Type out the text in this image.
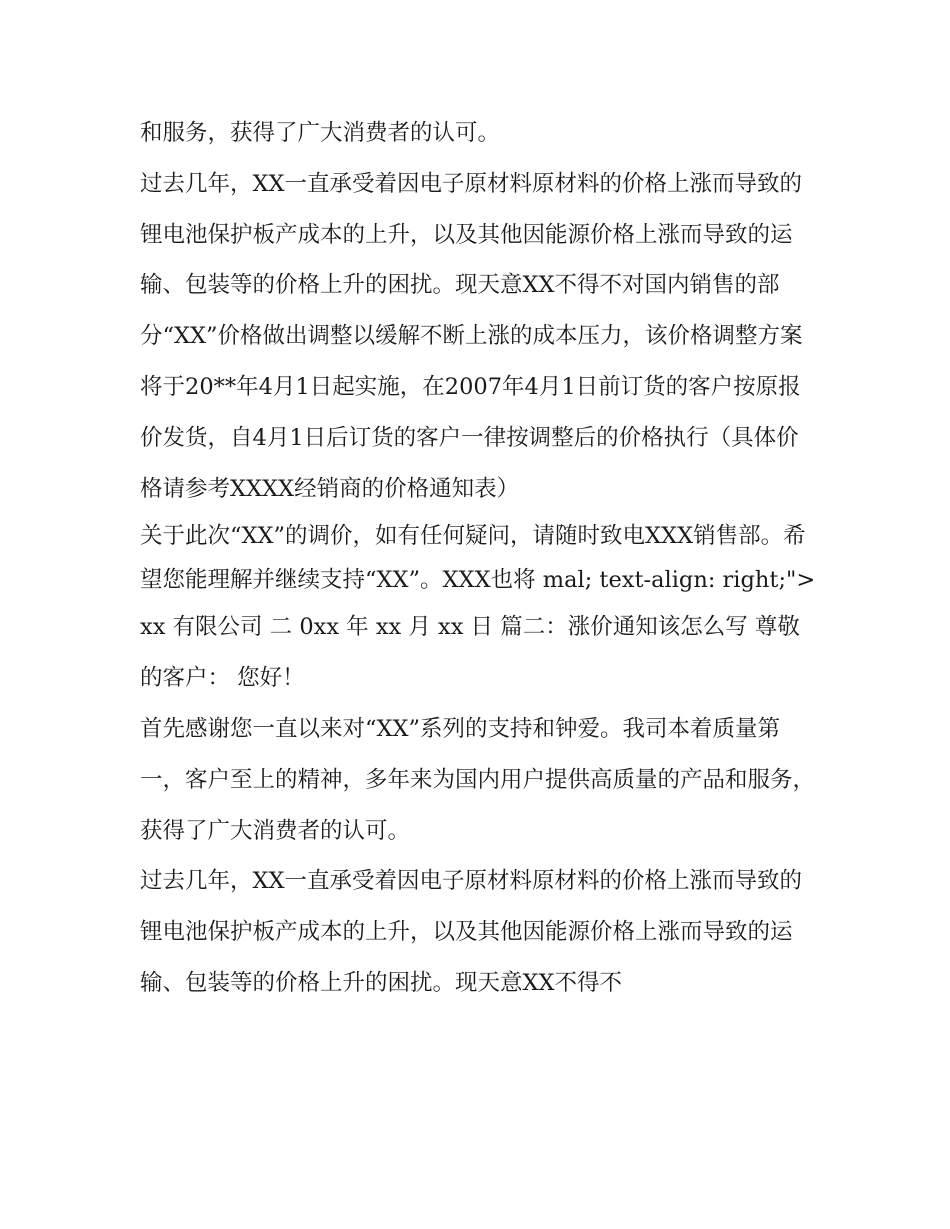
和服务，获得了广大消费者的认可。

过去几年，XX一直承受着因电子原材料原材料的价格上涨而导致的锂电池保护板产成本的上升，以及其他因能源价格上涨而导致的运输、包装等的价格上升的困扰。现天意XX不得不对国内销售的部分“XX”价格做出调整以缓解不断上涨的成本压力，该价格调整方案将于20**年4月1日起实施，在2007年4月1日前订货的客户按原报价发货，自4月1日后订货的客户一律按调整后的价格执行（具体价格请参考XXXX经销商的价格通知表）

关于此次“XX”的调价，如有任何疑问，请随时致电XXX销售部。希望您能理解并继续支持“XX”。XXX也将 mal; text-align: right;">

xx 有限公司 二 0xx 年 xx 月 xx 日 篇二：涨价通知该怎么写 尊敬的客户： 您好！

首先感谢您一直以来对“XX”系列的支持和钟爱。我司本着质量第一，客户至上的精神，多年来为国内用户提供高质量的产品和服务，获得了广大消费者的认可。

过去几年，XX一直承受着因电子原材料原材料的价格上涨而导致的锂电池保护板产成本的上升，以及其他因能源价格上涨而导致的运输、包装等的价格上升的困扰。现天意XX不得不
